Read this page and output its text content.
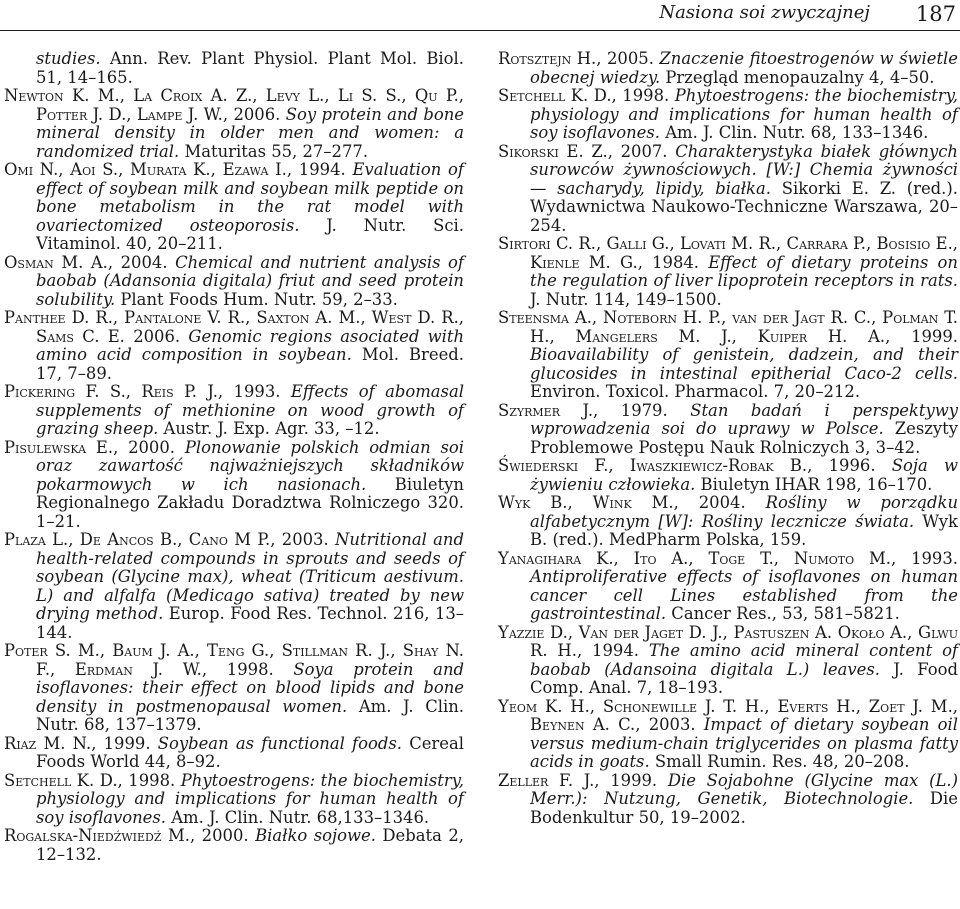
Nasiona soi zwyczajnej 187

studies. Ann. Rev. Plant Physiol. Plant Mol. Biol. 51, 14–165.

Newton K. M., La Croix A. Z., Levy L., Li S. S., Qu P., Potter J. D., Lampe J. W., 2006. Soy protein and bone mineral density in older men and women: a randomized trial. Maturitas 55, 27–277.

Omi N., Aoi S., Murata K., Ezawa I., 1994. Evaluation of effect of soybean milk and soybean milk peptide on bone metabolism in the rat model with ovariectomized osteoporosis. J. Nutr. Sci. Vitaminol. 40, 20–211.

Osman M. A., 2004. Chemical and nutrient analysis of baobab (Adansonia digitala) friut and seed protein solubility. Plant Foods Hum. Nutr. 59, 2–33.

Panthee D. R., Pantalone V. R., Saxton A. M., West D. R., Sams C. E. 2006. Genomic regions asociated with amino acid composition in soybean. Mol. Breed. 17, 7–89.

Pickering F. S., Reis P. J., 1993. Effects of abomasal supplements of methionine on wood growth of grazing sheep. Austr. J. Exp. Agr. 33, –12.

Pisulewska E., 2000. Plonowanie polskich odmian soi oraz zawartość najważniejszych składników pokarmowych w ich nasionach. Biuletyn Regionalnego Zakładu Doradztwa Rolniczego 320. 1–21.

Plaza L., De Ancos B., Cano M P., 2003. Nutritional and health-related compounds in sprouts and seeds of soybean (Glycine max), wheat (Triticum aestivum. L) and alfalfa (Medicago sativa) treated by new drying method. Europ. Food Res. Technol. 216, 13–144.

Poter S. M., Baum J. A., Teng G., Stillman R. J., Shay N. F., Erdman J. W., 1998. Soya protein and isoflavones: their effect on blood lipids and bone density in postmenopausal women. Am. J. Clin. Nutr. 68, 137–1379.

Riaz M. N., 1999. Soybean as functional foods. Cereal Foods World 44, 8–92.

Setchell K. D., 1998. Phytoestrogens: the biochemistry, physiology and implications for human health of soy isoflavones. Am. J. Clin. Nutr. 68,133–1346.

Rogalska-Niedźwiedź M., 2000. Białko sojowe. Debata 2, 12–132.

Rotsztejn H., 2005. Znaczenie fitoestrogenów w świetle obecnej wiedzy. Przegląd menopauzalny 4, 4–50.

Setchell K. D., 1998. Phytoestrogens: the biochemistry, physiology and implications for human health of soy isoflavones. Am. J. Clin. Nutr. 68, 133–1346.

Sikorski E. Z., 2007. Charakterystyka białek głównych surowców żywnościowych. [W:] Chemia żywności — sacharydy, lipidy, białka. Sikorki E. Z. (red.). Wydawnictwa Naukowo-Techniczne Warszawa, 20–254.

Sirtori C. R., Galli G., Lovati M. R., Carrara P., Bosisio E., Kienle M. G., 1984. Effect of dietary proteins on the regulation of liver lipoprotein receptors in rats. J. Nutr. 114, 149–1500.

Steensma A., Noteborn H. P., van der Jagt R. C., Polman T. H., Mangelers M. J., Kuiper H. A., 1999. Bioavailability of genistein, dadzein, and their glucosides in intestinal epitherial Caco-2 cells. Environ. Toxicol. Pharmacol. 7, 20–212.

Szyrmer J., 1979. Stan badań i perspektywy wprowadzenia soi do uprawy w Polsce. Zeszyty Problemowe Postępu Nauk Rolniczych 3, 3–42.

Świederski F., Iwaszkiewicz-Robak B., 1996. Soja w żywieniu człowieka. Biuletyn IHAR 198, 16–170.

Wyk B., Wink M., 2004. Rośliny w porządku alfabetycznym [W]: Rośliny lecznicze świata. Wyk B. (red.). MedPharm Polska, 159.

Yanagihara K., Ito A., Toge T., Numoto M., 1993. Antiproliferative effects of isoflavones on human cancer cell Lines established from the gastrointestinal. Cancer Res., 53, 581–5821.

Yazzie D., Van der Jaget D. J., Pastuszen A. Około A., Glwu R. H., 1994. The amino acid mineral content of baobab (Adansoina digitala L.) leaves. J. Food Comp. Anal. 7, 18–193.

Yeom K. H., Schonewille J. T. H., Everts H., Zoet J. M., Beynen A. C., 2003. Impact of dietary soybean oil versus medium-chain triglycerides on plasma fatty acids in goats. Small Rumin. Res. 48, 20–208.

Zeller F. J., 1999. Die Sojabohne (Glycine max (L.) Merr.): Nutzung, Genetik, Biotechnologie. Die Bodenkultur 50, 19–2002.
